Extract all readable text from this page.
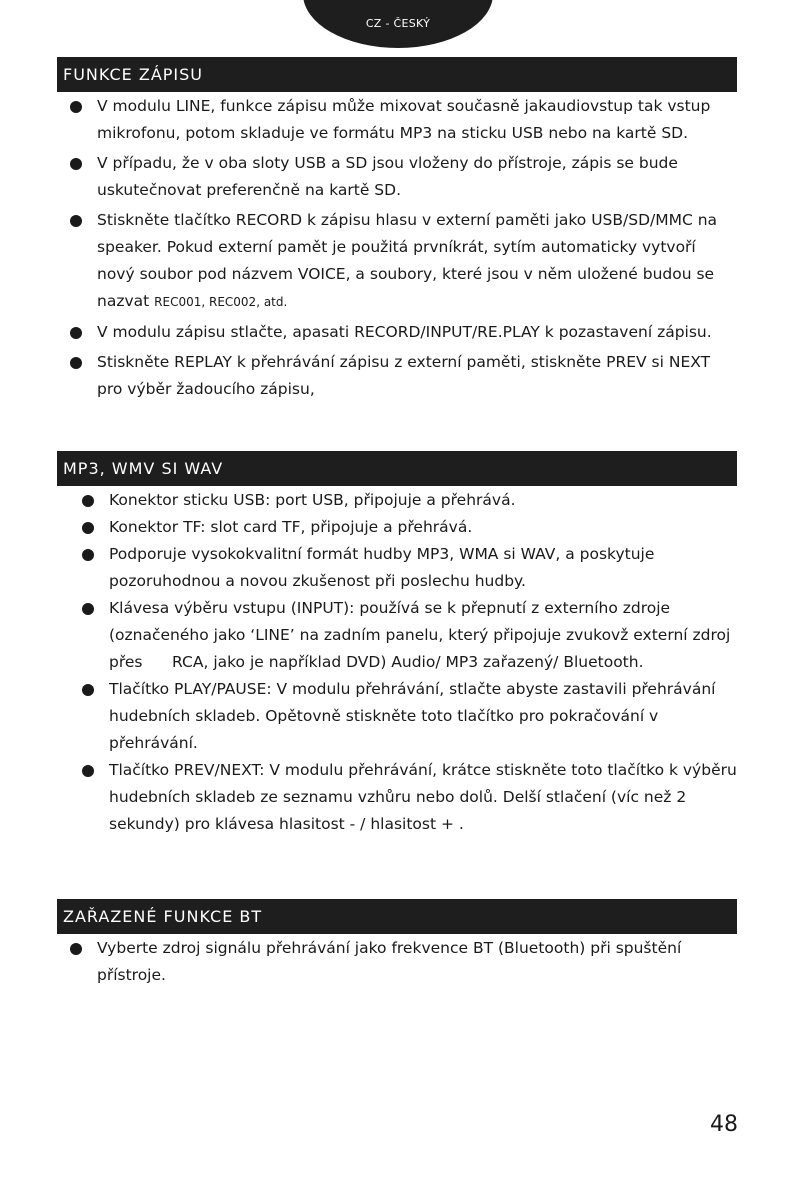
CZ - ČESKÝ
FUNKCE ZÁPISU
V modulu LINE, funkce zápisu může mixovat současně jakaudiovstup tak vstup mikrofonu, potom skladuje ve formátu MP3 na sticku USB nebo na kartě SD.
V případu, že v oba sloty USB a SD jsou vloženy do přístroje, zápis se bude uskutečnovat preferenčně na kartě SD.
Stiskněte tlačítko RECORD k zápisu hlasu v externí paměti jako USB/SD/MMC na speaker. Pokud externí pamět je použitá prvníkrát, sytím automaticky vytvoří nový soubor pod názvem VOICE, a soubory, které jsou v něm uložené budou se nazvat REC001, REC002, atd.
V modulu zápisu stlačte, apasati RECORD/INPUT/RE.PLAY k pozastavení zápisu.
Stiskněte REPLAY k přehrávání zápisu z externí paměti, stiskněte PREV si NEXT pro výběr žadoucího zápisu,
MP3, WMV SI WAV
Konektor sticku USB: port USB, připojuje a přehrává.
Konektor TF: slot card TF, připojuje a přehrává.
Podporuje vysokokvalitní formát hudby MP3, WMA si WAV, a poskytuje pozoruhodnou a novou zkušenost při poslechu hudby.
Klávesa výběru vstupu (INPUT): používá se k přepnutí z externího zdroje (označeného jako ‘LINE’ na zadním panelu, který připojuje zvukovž externí zdroj přes      RCA, jako je například DVD) Audio/ MP3 zařazený/ Bluetooth.
Tlačítko PLAY/PAUSE: V modulu přehrávání, stlačte abyste zastavili přehrávání hudebních skladeb. Opětovně stiskněte toto tlačítko pro pokračování v přehrávání.
Tlačítko PREV/NEXT: V modulu přehrávání, krátce stiskněte toto tlačítko k výběru hudebních skladeb ze seznamu vzhůru nebo dolů. Delší stlačení (víc než 2 sekundy) pro klávesa hlasitost - / hlasitost + .
ZAŘAZENÉ FUNKCE BT
Vyberte zdroj signálu přehrávání jako frekvence BT (Bluetooth) při spuštění přístroje.
48
